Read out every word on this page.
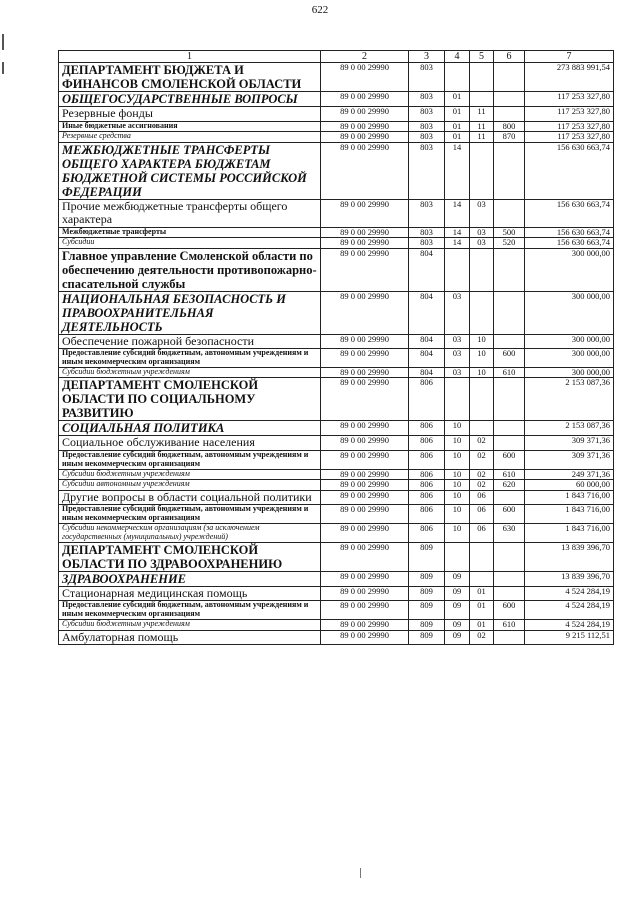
622
1	2	3	4	5	6	7
ДЕПАРТАМЕНТ БЮДЖЕТА И ФИНАНСОВ СМОЛЕНСКОЙ ОБЛАСТИ	89 0 00 29990	803				273 883 991,54
ОБЩЕГОСУДАРСТВЕННЫЕ ВОПРОСЫ	89 0 00 29990	803	01			117 253 327,80
Резервные фонды	89 0 00 29990	803	01	11		117 253 327,80
Иные бюджетные ассигнования	89 0 00 29990	803	01	11	800	117 253 327,80
Резервные средства	89 0 00 29990	803	01	11	870	117 253 327,80
МЕЖБЮДЖЕТНЫЕ ТРАНСФЕРТЫ ОБЩЕГО ХАРАКТЕРА БЮДЖЕТАМ БЮДЖЕТНОЙ СИСТЕМЫ РОССИЙСКОЙ ФЕДЕРАЦИИ	89 0 00 29990	803	14			156 630 663,74
Прочие межбюджетные трансферты общего характера	89 0 00 29990	803	14	03		156 630 663,74
Межбюджетные трансферты	89 0 00 29990	803	14	03	500	156 630 663,74
Субсидии	89 0 00 29990	803	14	03	520	156 630 663,74
Главное управление Смоленской области по обеспечению деятельности противопожарно-спасательной службы	89 0 00 29990	804				300 000,00
НАЦИОНАЛЬНАЯ БЕЗОПАСНОСТЬ И ПРАВООХРАНИТЕЛЬНАЯ ДЕЯТЕЛЬНОСТЬ	89 0 00 29990	804	03			300 000,00
Обеспечение пожарной безопасности	89 0 00 29990	804	03	10		300 000,00
Предоставление субсидий бюджетным, автономным учреждениям и иным некоммерческим организациям	89 0 00 29990	804	03	10	600	300 000,00
Субсидии бюджетным учреждениям	89 0 00 29990	804	03	10	610	300 000,00
ДЕПАРТАМЕНТ СМОЛЕНСКОЙ ОБЛАСТИ ПО СОЦИАЛЬНОМУ РАЗВИТИЮ	89 0 00 29990	806				2 153 087,36
СОЦИАЛЬНАЯ ПОЛИТИКА	89 0 00 29990	806	10			2 153 087,36
Социальное обслуживание населения	89 0 00 29990	806	10	02		309 371,36
Предоставление субсидий бюджетным, автономным учреждениям и иным некоммерческим организациям	89 0 00 29990	806	10	02	600	309 371,36
Субсидии бюджетным учреждениям	89 0 00 29990	806	10	02	610	249 371,36
Субсидии автономным учреждениям	89 0 00 29990	806	10	02	620	60 000,00
Другие вопросы в области социальной политики	89 0 00 29990	806	10	06		1 843 716,00
Предоставление субсидий бюджетным, автономным учреждениям и иным некоммерческим организациям	89 0 00 29990	806	10	06	600	1 843 716,00
Субсидии некоммерческим организациям (за исключением государственных (муниципальных) учреждений)	89 0 00 29990	806	10	06	630	1 843 716,00
ДЕПАРТАМЕНТ СМОЛЕНСКОЙ ОБЛАСТИ ПО ЗДРАВООХРАНЕНИЮ	89 0 00 29990	809				13 839 396,70
ЗДРАВООХРАНЕНИЕ	89 0 00 29990	809	09			13 839 396,70
Стационарная медицинская помощь	89 0 00 29990	809	09	01		4 524 284,19
Предоставление субсидий бюджетным, автономным учреждениям и иным некоммерческим организациям	89 0 00 29990	809	09	01	600	4 524 284,19
Субсидии бюджетным учреждениям	89 0 00 29990	809	09	01	610	4 524 284,19
Амбулаторная помощь	89 0 00 29990	809	09	02		9 215 112,51
